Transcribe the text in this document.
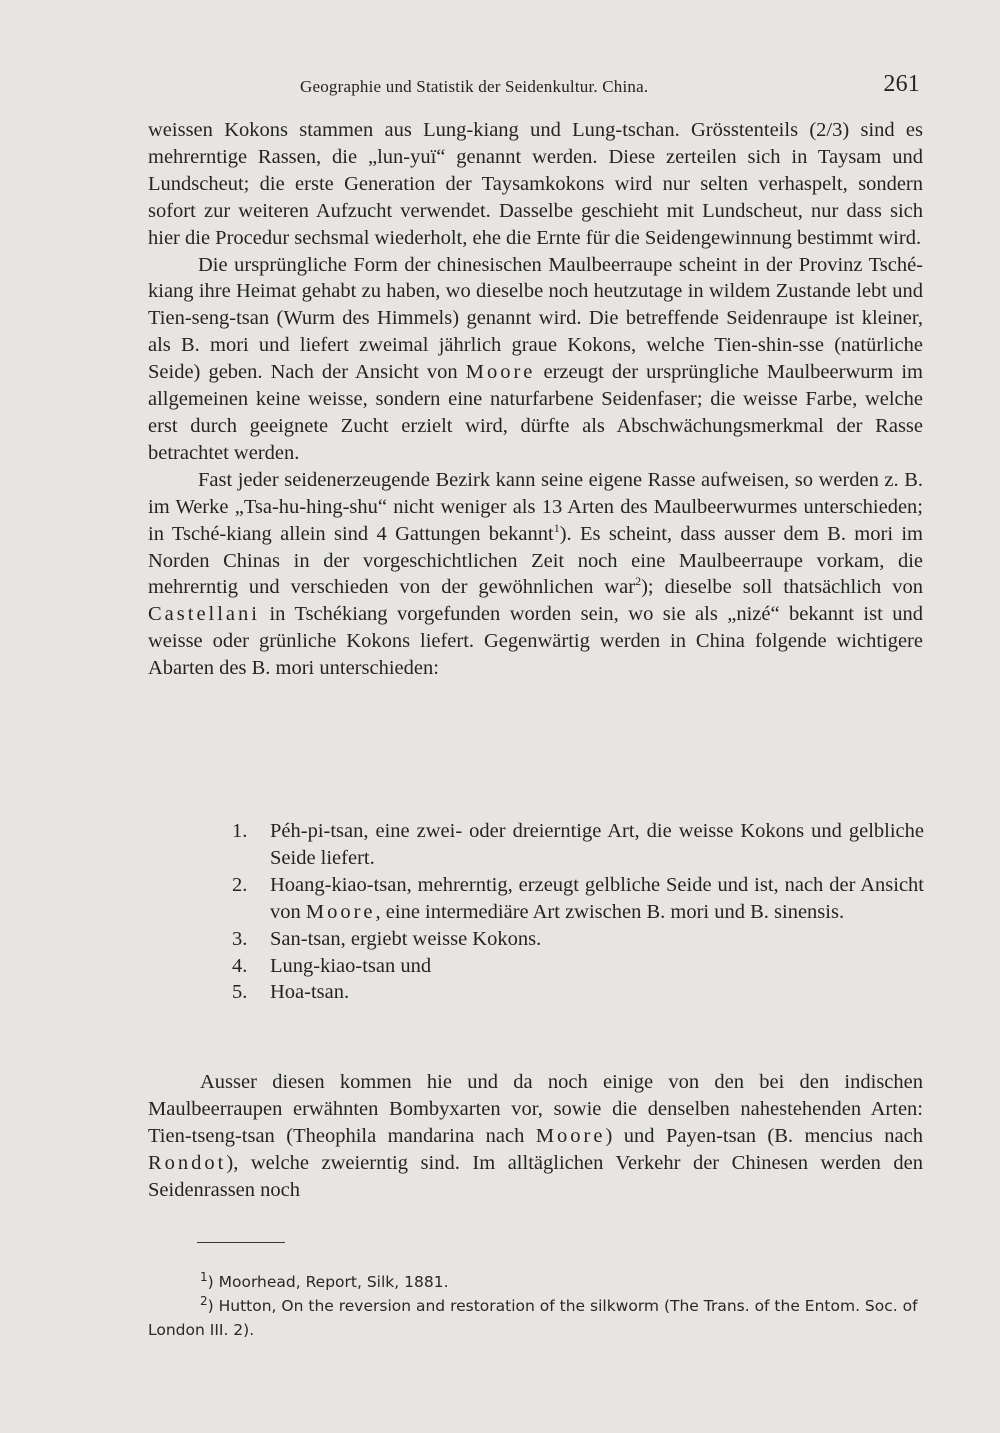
Geographie und Statistik der Seidenkultur. China.	261

weissen Kokons stammen aus Lung-kiang und Lung-tschan. Grösstenteils (2/3) sind es mehrerntige Rassen, die „lun-yuï“ genannt werden. Diese zerteilen sich in Taysam und Lundscheut; die erste Generation der Taysamkokons wird nur selten verhaspelt, sondern sofort zur weiteren Aufzucht verwendet. Dasselbe geschieht mit Lundscheut, nur dass sich hier die Procedur sechsmal wiederholt, ehe die Ernte für die Seidengewinnung bestimmt wird.

Die ursprüngliche Form der chinesischen Maulbeerraupe scheint in der Provinz Tsché-kiang ihre Heimat gehabt zu haben, wo dieselbe noch heutzutage in wildem Zustande lebt und Tien-seng-tsan (Wurm des Himmels) genannt wird. Die betreffende Seidenraupe ist kleiner, als B. mori und liefert zweimal jährlich graue Kokons, welche Tien-shin-sse (natürliche Seide) geben. Nach der Ansicht von Moore erzeugt der ursprüngliche Maulbeerwurm im allgemeinen keine weisse, sondern eine naturfarbene Seidenfaser; die weisse Farbe, welche erst durch geeignete Zucht erzielt wird, dürfte als Abschwächungsmerkmal der Rasse betrachtet werden.

Fast jeder seidenerzeugende Bezirk kann seine eigene Rasse aufweisen, so werden z. B. im Werke „Tsa-hu-hing-shu“ nicht weniger als 13 Arten des Maulbeerwurmes unterschieden; in Tsché-kiang allein sind 4 Gattungen bekannt$^1$). Es scheint, dass ausser dem B. mori im Norden Chinas in der vorgeschichtlichen Zeit noch eine Maulbeerraupe vorkam, die mehrerntig und verschieden von der gewöhnlichen war$^2$); dieselbe soll thatsächlich von Castellani in Tschékiang vorgefunden worden sein, wo sie als „nizé“ bekannt ist und weisse oder grünliche Kokons liefert. Gegenwärtig werden in China folgende wichtigere Abarten des B. mori unterschieden:

1. Péh-pi-tsan, eine zwei- oder dreierntige Art, die weisse Kokons und gelbliche Seide liefert.
2. Hoang-kiao-tsan, mehrerntig, erzeugt gelbliche Seide und ist, nach der Ansicht von Moore, eine intermediäre Art zwischen B. mori und B. sinensis.
3. San-tsan, ergiebt weisse Kokons.
4. Lung-kiao-tsan und
5. Hoa-tsan.

Ausser diesen kommen hie und da noch einige von den bei den indischen Maulbeerraupen erwähnten Bombyxarten vor, sowie die denselben nahestehenden Arten: Tien-tseng-tsan (Theophila mandarina nach Moore) und Payen-tsan (B. mencius nach Rondot), welche zweierntig sind. Im alltäglichen Verkehr der Chinesen werden den Seidenrassen noch

$^1$) Moorhead, Report, Silk, 1881.

$^2$) Hutton, On the reversion and restoration of the silkworm (The Trans. of the Entom. Soc. of London III. 2).
